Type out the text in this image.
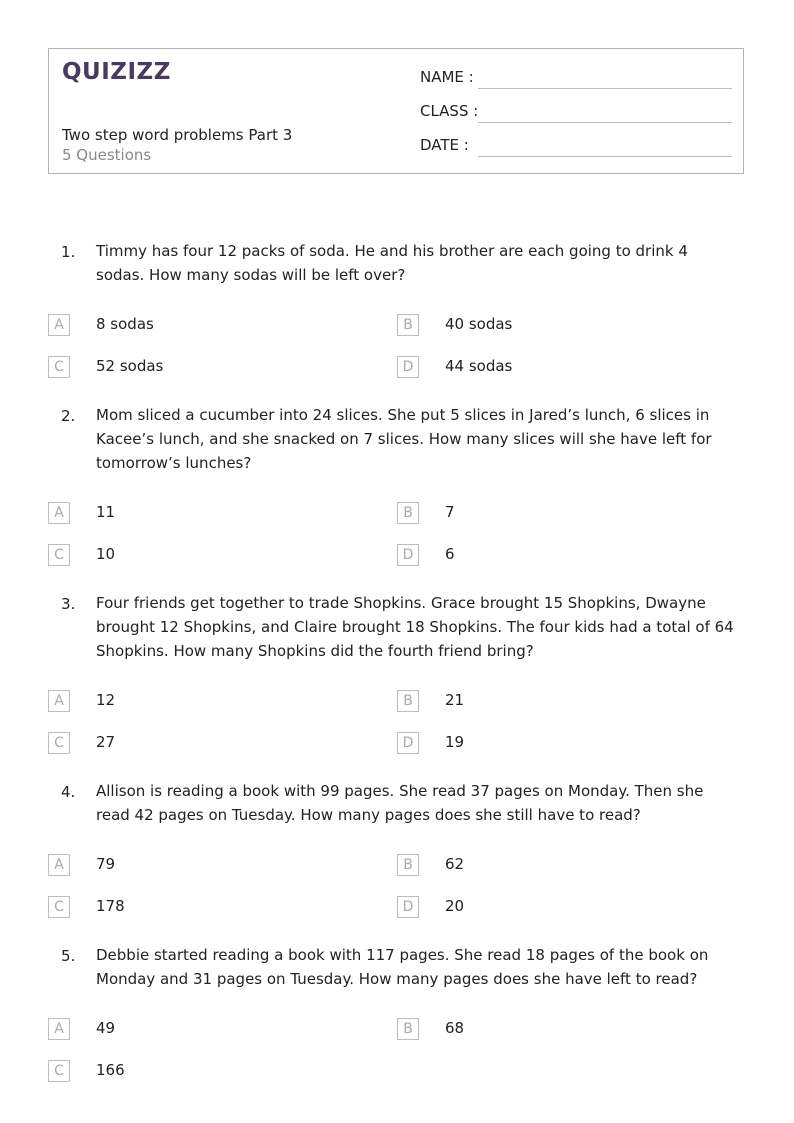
QUIZIZZ
Two step word problems Part 3
5 Questions
NAME :
CLASS :
DATE :
1. Timmy has four 12 packs of soda. He and his brother are each going to drink 4 sodas. How many sodas will be left over?
A	8 sodas	B	40 sodas
C	52 sodas	D	44 sodas
2. Mom sliced a cucumber into 24 slices. She put 5 slices in Jared’s lunch, 6 slices in Kacee’s lunch, and she snacked on 7 slices. How many slices will she have left for tomorrow’s lunches?
A	11	B	7
C	10	D	6
3. Four friends get together to trade Shopkins. Grace brought 15 Shopkins, Dwayne brought 12 Shopkins, and Claire brought 18 Shopkins. The four kids had a total of 64 Shopkins. How many Shopkins did the fourth friend bring?
A	12	B	21
C	27	D	19
4. Allison is reading a book with 99 pages. She read 37 pages on Monday. Then she read 42 pages on Tuesday. How many pages does she still have to read?
A	79	B	62
C	178	D	20
5. Debbie started reading a book with 117 pages. She read 18 pages of the book on Monday and 31 pages on Tuesday. How many pages does she have left to read?
A	49	B	68
C	166
